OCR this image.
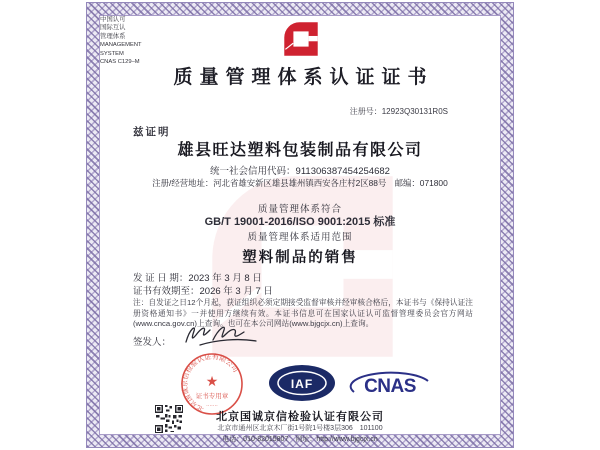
质量管理体系认证证书
注册号：12923Q30131R0S
兹证明
雄县旺达塑料包装制品有限公司
统一社会信用代码：911306387454254682
注册/经营地址：河北省雄安新区雄县雄州镇西安各庄村2区88号　邮编：071800
质量管理体系符合
GB/T 19001-2016/ISO 9001:2015 标准
质量管理体系适用范围
塑料制品的销售
发 证 日 期：2023 年 3 月 8 日
证书有效期至：2026 年 3 月 7 日
注：自发证之日12个月起，获证组织必须定期接受监督审核并经审核合格后，本证书与《保持认证注册资格通知书》一并使用方继续有效。本证书信息可在国家认证认可监督管理委员会官方网站(www.cnca.gov.cn)上查询。也可在本公司网站(www.bjgcjx.cn)上查询。
签发人：
北京国诚京信检验认证有限公司
★
证书专用章
·······
IAF	CNAS
中国认可
国际互认
管理体系
MANAGEMENT SYSTEM
CNAS C129–M
北京国诚京信检验认证有限公司
北京市通州区北京木厂街1号院1号楼3层306　101100
电话：010-82015807　网址：http://www.bjgcjx.cn
